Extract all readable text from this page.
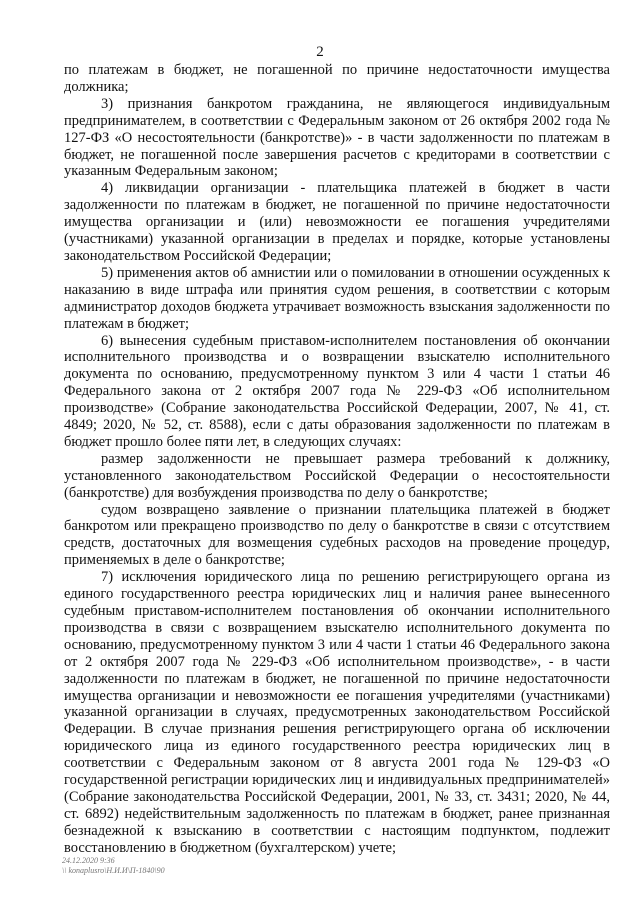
2

по платежам в бюджет, не погашенной по причине недостаточности имущества должника;

3) признания банкротом гражданина, не являющегося индивидуальным предпринимателем, в соответствии с Федеральным законом от 26 октября 2002 года № 127-ФЗ «О несостоятельности (банкротстве)» - в части задолженности по платежам в бюджет, не погашенной после завершения расчетов с кредиторами в соответствии с указанным Федеральным законом;

4) ликвидации организации - плательщика платежей в бюджет в части задолженности по платежам в бюджет, не погашенной по причине недостаточности имущества организации и (или) невозможности ее погашения учредителями (участниками) указанной организации в пределах и порядке, которые установлены законодательством Российской Федерации;

5) применения актов об амнистии или о помиловании в отношении осужденных к наказанию в виде штрафа или принятия судом решения, в соответствии с которым администратор доходов бюджета утрачивает возможность взыскания задолженности по платежам в бюджет;

6) вынесения судебным приставом-исполнителем постановления об окончании исполнительного производства и о возвращении взыскателю исполнительного документа по основанию, предусмотренному пунктом 3 или 4 части 1 статьи 46 Федерального закона от 2 октября 2007 года № 229-ФЗ «Об исполнительном производстве» (Собрание законодательства Российской Федерации, 2007, № 41, ст. 4849; 2020, № 52, ст. 8588), если с даты образования задолженности по платежам в бюджет прошло более пяти лет, в следующих случаях:

размер задолженности не превышает размера требований к должнику, установленного законодательством Российской Федерации о несостоятельности (банкротстве) для возбуждения производства по делу о банкротстве;

судом возвращено заявление о признании плательщика платежей в бюджет банкротом или прекращено производство по делу о банкротстве в связи с отсутствием средств, достаточных для возмещения судебных расходов на проведение процедур, применяемых в деле о банкротстве;

7) исключения юридического лица по решению регистрирующего органа из единого государственного реестра юридических лиц и наличия ранее вынесенного судебным приставом-исполнителем постановления об окончании исполнительного производства в связи с возвращением взыскателю исполнительного документа по основанию, предусмотренному пунктом 3 или 4 части 1 статьи 46 Федерального закона от 2 октября 2007 года № 229-ФЗ «Об исполнительном производстве», - в части задолженности по платежам в бюджет, не погашенной по причине недостаточности имущества организации и невозможности ее погашения учредителями (участниками) указанной организации в случаях, предусмотренных законодательством Российской Федерации. В случае признания решения регистрирующего органа об исключении юридического лица из единого государственного реестра юридических лиц в соответствии с Федеральным законом от 8 августа 2001 года № 129-ФЗ «О государственной регистрации юридических лиц и индивидуальных предпринимателей» (Собрание законодательства Российской Федерации, 2001, № 33, ст. 3431; 2020, № 44, ст. 6892) недействительным задолженность по платежам в бюджет, ранее признанная безнадежной к взысканию в соответствии с настоящим подпунктом, подлежит восстановлению в бюджетном (бухгалтерском) учете;

24.12.2020 9:36
\\ konaplusro\Н.И.И\П-1840\90
